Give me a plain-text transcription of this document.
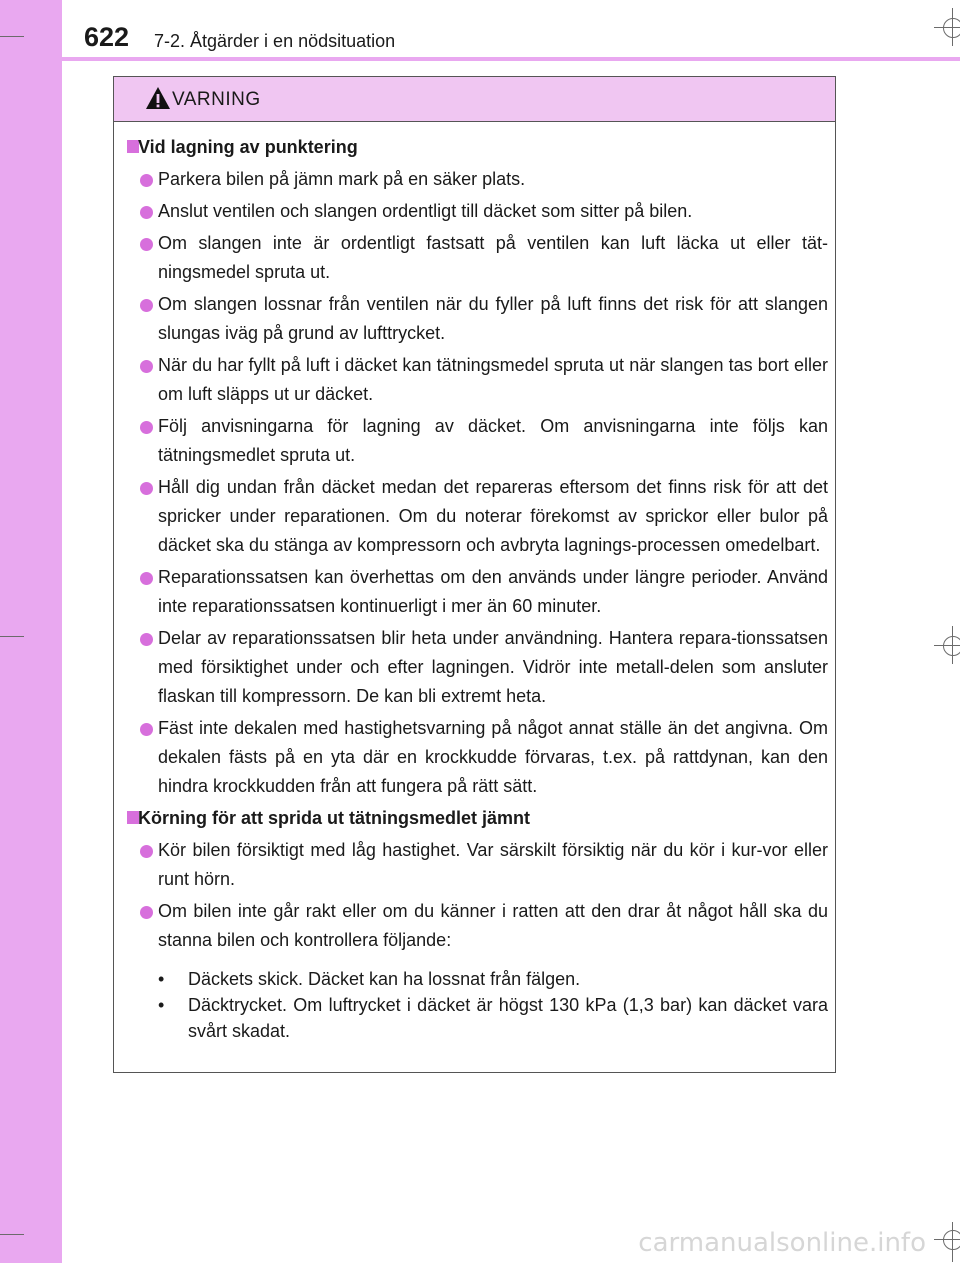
622 7-2. Åtgärder i en nödsituation
VARNING
Vid lagning av punktering
Parkera bilen på jämn mark på en säker plats.
Anslut ventilen och slangen ordentligt till däcket som sitter på bilen.
Om slangen inte är ordentligt fastsatt på ventilen kan luft läcka ut eller tät-ningsmedel spruta ut.
Om slangen lossnar från ventilen när du fyller på luft finns det risk för att slangen slungas iväg på grund av lufttrycket.
När du har fyllt på luft i däcket kan tätningsmedel spruta ut när slangen tas bort eller om luft släpps ut ur däcket.
Följ anvisningarna för lagning av däcket. Om anvisningarna inte följs kan tätningsmedlet spruta ut.
Håll dig undan från däcket medan det repareras eftersom det finns risk för att det spricker under reparationen. Om du noterar förekomst av sprickor eller bulor på däcket ska du stänga av kompressorn och avbryta lagnings-processen omedelbart.
Reparationssatsen kan överhettas om den används under längre perioder. Använd inte reparationssatsen kontinuerligt i mer än 60 minuter.
Delar av reparationssatsen blir heta under användning. Hantera repara-tionssatsen med försiktighet under och efter lagningen. Vidrör inte metall-delen som ansluter flaskan till kompressorn. De kan bli extremt heta.
Fäst inte dekalen med hastighetsvarning på något annat ställe än det angivna. Om dekalen fästs på en yta där en krockkudde förvaras, t.ex. på rattdynan, kan den hindra krockkudden från att fungera på rätt sätt.
Körning för att sprida ut tätningsmedlet jämnt
Kör bilen försiktigt med låg hastighet. Var särskilt försiktig när du kör i kur-vor eller runt hörn.
Om bilen inte går rakt eller om du känner i ratten att den drar åt något håll ska du stanna bilen och kontrollera följande:
• Däckets skick. Däcket kan ha lossnat från fälgen.
• Däcktrycket. Om luftrycket i däcket är högst 130 kPa (1,3 bar) kan däcket vara svårt skadat.
carmanualsonline.info
